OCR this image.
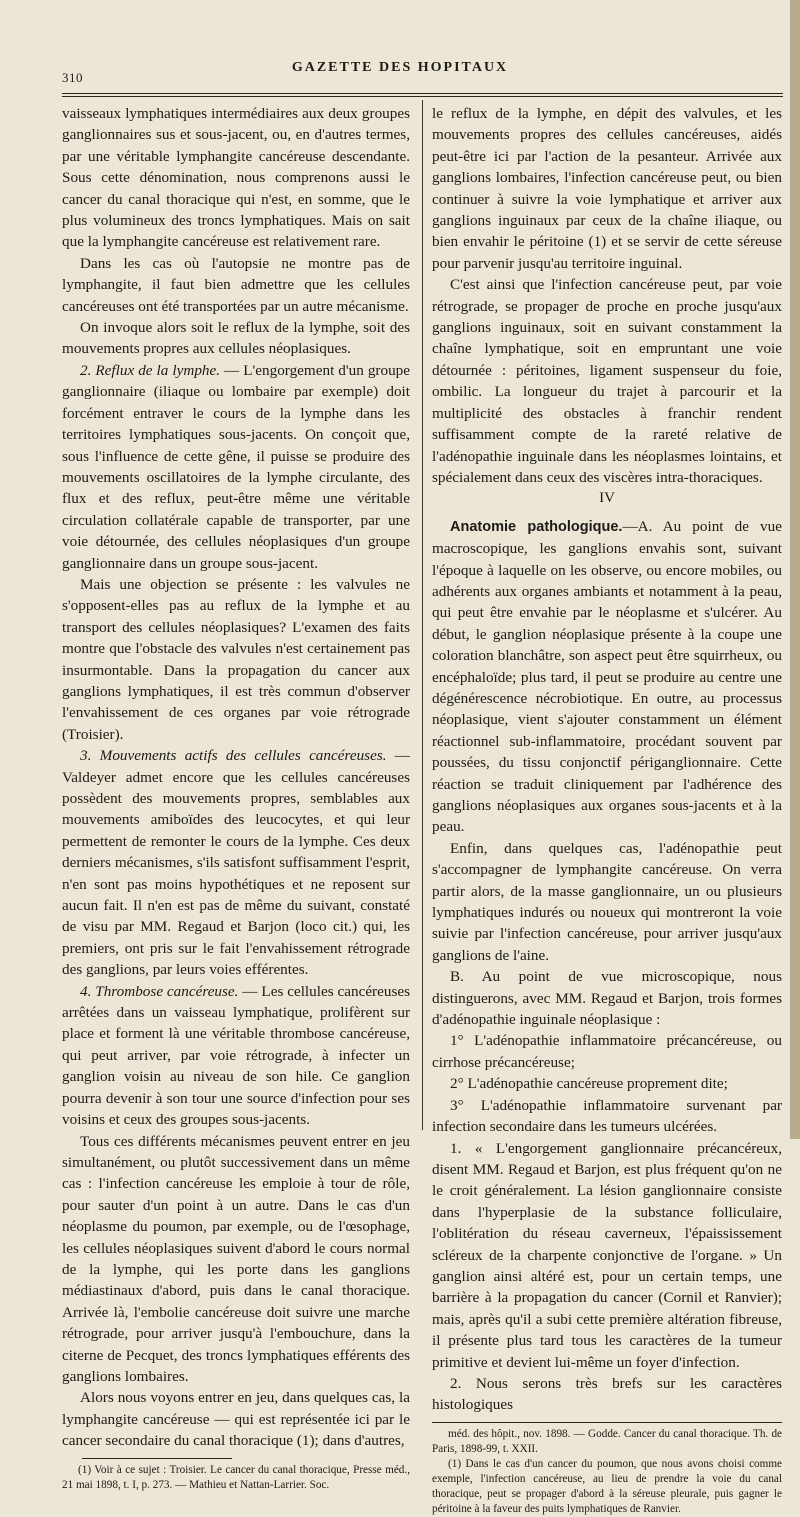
310
GAZETTE DES HOPITAUX

vaisseaux lymphatiques intermédiaires aux deux groupes ganglionnaires sus et sous-jacent, ou, en d'autres termes, par une véritable lymphangite cancéreuse descendante. Sous cette dénomination, nous comprenons aussi le cancer du canal thoracique qui n'est, en somme, que le plus volumineux des troncs lymphatiques. Mais on sait que la lymphangite cancéreuse est relativement rare.

Dans les cas où l'autopsie ne montre pas de lymphangite, il faut bien admettre que les cellules cancéreuses ont été transportées par un autre mécanisme.

On invoque alors soit le reflux de la lymphe, soit des mouvements propres aux cellules néoplasiques.

2. Reflux de la lymphe. — L'engorgement d'un groupe ganglionnaire (iliaque ou lombaire par exemple) doit forcément entraver le cours de la lymphe dans les territoires lymphatiques sous-jacents. On conçoit que, sous l'influence de cette gêne, il puisse se produire des mouvements oscillatoires de la lymphe circulante, des flux et des reflux, peut-être même une véritable circulation collatérale capable de transporter, par une voie détournée, des cellules néoplasiques d'un groupe ganglionnaire dans un groupe sous-jacent.

Mais une objection se présente : les valvules ne s'opposent-elles pas au reflux de la lymphe et au transport des cellules néoplasiques? L'examen des faits montre que l'obstacle des valvules n'est certainement pas insurmontable. Dans la propagation du cancer aux ganglions lymphatiques, il est très commun d'observer l'envahissement de ces organes par voie rétrograde (Troisier).

3. Mouvements actifs des cellules cancéreuses. — Valdeyer admet encore que les cellules cancéreuses possèdent des mouvements propres, semblables aux mouvements amiboïdes des leucocytes, et qui leur permettent de remonter le cours de la lymphe. Ces deux derniers mécanismes, s'ils satisfont suffisamment l'esprit, n'en sont pas moins hypothétiques et ne reposent sur aucun fait. Il n'en est pas de même du suivant, constaté de visu par MM. Regaud et Barjon (loco cit.) qui, les premiers, ont pris sur le fait l'envahissement rétrograde des ganglions, par leurs voies efférentes.

4. Thrombose cancéreuse. — Les cellules cancéreuses arrêtées dans un vaisseau lymphatique, prolifèrent sur place et forment là une véritable thrombose cancéreuse, qui peut arriver, par voie rétrograde, à infecter un ganglion voisin au niveau de son hile. Ce ganglion pourra devenir à son tour une source d'infection pour ses voisins et ceux des groupes sous-jacents.

Tous ces différents mécanismes peuvent entrer en jeu simultanément, ou plutôt successivement dans un même cas : l'infection cancéreuse les emploie à tour de rôle, pour sauter d'un point à un autre. Dans le cas d'un néoplasme du poumon, par exemple, ou de l'œsophage, les cellules néoplasiques suivent d'abord le cours normal de la lymphe, qui les porte dans les ganglions médiastinaux d'abord, puis dans le canal thoracique. Arrivée là, l'embolie cancéreuse doit suivre une marche rétrograde, pour arriver jusqu'à l'embouchure, dans la citerne de Pecquet, des troncs lymphatiques efférents des ganglions lombaires.

Alors nous voyons entrer en jeu, dans quelques cas, la lymphangite cancéreuse — qui est représentée ici par le cancer secondaire du canal thoracique (1); dans d'autres,

(1) Voir à ce sujet : Troisier. Le cancer du canal thoracique, Presse méd., 21 mai 1898, t. I, p. 273. — Mathieu et Nattan-Larrier. Soc.

le reflux de la lymphe, en dépit des valvules, et les mouvements propres des cellules cancéreuses, aidés peut-être ici par l'action de la pesanteur. Arrivée aux ganglions lombaires, l'infection cancéreuse peut, ou bien continuer à suivre la voie lymphatique et arriver aux ganglions inguinaux par ceux de la chaîne iliaque, ou bien envahir le péritoine (1) et se servir de cette séreuse pour parvenir jusqu'au territoire inguinal.

C'est ainsi que l'infection cancéreuse peut, par voie rétrograde, se propager de proche en proche jusqu'aux ganglions inguinaux, soit en suivant constamment la chaîne lymphatique, soit en empruntant une voie détournée : péritoines, ligament suspenseur du foie, ombilic. La longueur du trajet à parcourir et la multiplicité des obstacles à franchir rendent suffisamment compte de la rareté relative de l'adénopathie inguinale dans les néoplasmes lointains, et spécialement dans ceux des viscères intra-thoraciques.

IV

Anatomie pathologique.—A. Au point de vue macroscopique, les ganglions envahis sont, suivant l'époque à laquelle on les observe, ou encore mobiles, ou adhérents aux organes ambiants et notamment à la peau, qui peut être envahie par le néoplasme et s'ulcérer. Au début, le ganglion néoplasique présente à la coupe une coloration blanchâtre, son aspect peut être squirrheux, ou encéphaloïde; plus tard, il peut se produire au centre une dégénérescence nécrobiotique. En outre, au processus néoplasique, vient s'ajouter constamment un élément réactionnel sub-inflammatoire, procédant souvent par poussées, du tissu conjonctif périganglionnaire. Cette réaction se traduit cliniquement par l'adhérence des ganglions néoplasiques aux organes sous-jacents et à la peau.

Enfin, dans quelques cas, l'adénopathie peut s'accompagner de lymphangite cancéreuse. On verra partir alors, de la masse ganglionnaire, un ou plusieurs lymphatiques indurés ou noueux qui montreront la voie suivie par l'infection cancéreuse, pour arriver jusqu'aux ganglions de l'aine.

B. Au point de vue microscopique, nous distinguerons, avec MM. Regaud et Barjon, trois formes d'adénopathie inguinale néoplasique :

1° L'adénopathie inflammatoire précancéreuse, ou cirrhose précancéreuse;

2° L'adénopathie cancéreuse proprement dite;

3° L'adénopathie inflammatoire survenant par infection secondaire dans les tumeurs ulcérées.

1. « L'engorgement ganglionnaire précancéreux, disent MM. Regaud et Barjon, est plus fréquent qu'on ne le croit généralement. La lésion ganglionnaire consiste dans l'hyperplasie de la substance folliculaire, l'oblitération du réseau caverneux, l'épaississement scléreux de la charpente conjonctive de l'organe. » Un ganglion ainsi altéré est, pour un certain temps, une barrière à la propagation du cancer (Cornil et Ranvier); mais, après qu'il a subi cette première altération fibreuse, il présente plus tard tous les caractères de la tumeur primitive et devient lui-même un foyer d'infection.

2. Nous serons très brefs sur les caractères histologiques

méd. des hôpit., nov. 1898. — Godde. Cancer du canal thoracique. Th. de Paris, 1898-99, t. XXII.

(1) Dans le cas d'un cancer du poumon, que nous avons choisi comme exemple, l'infection cancéreuse, au lieu de prendre la voie du canal thoracique, peut se propager d'abord à la séreuse pleurale, puis gagner le péritoine à la faveur des puits lymphatiques de Ranvier.
